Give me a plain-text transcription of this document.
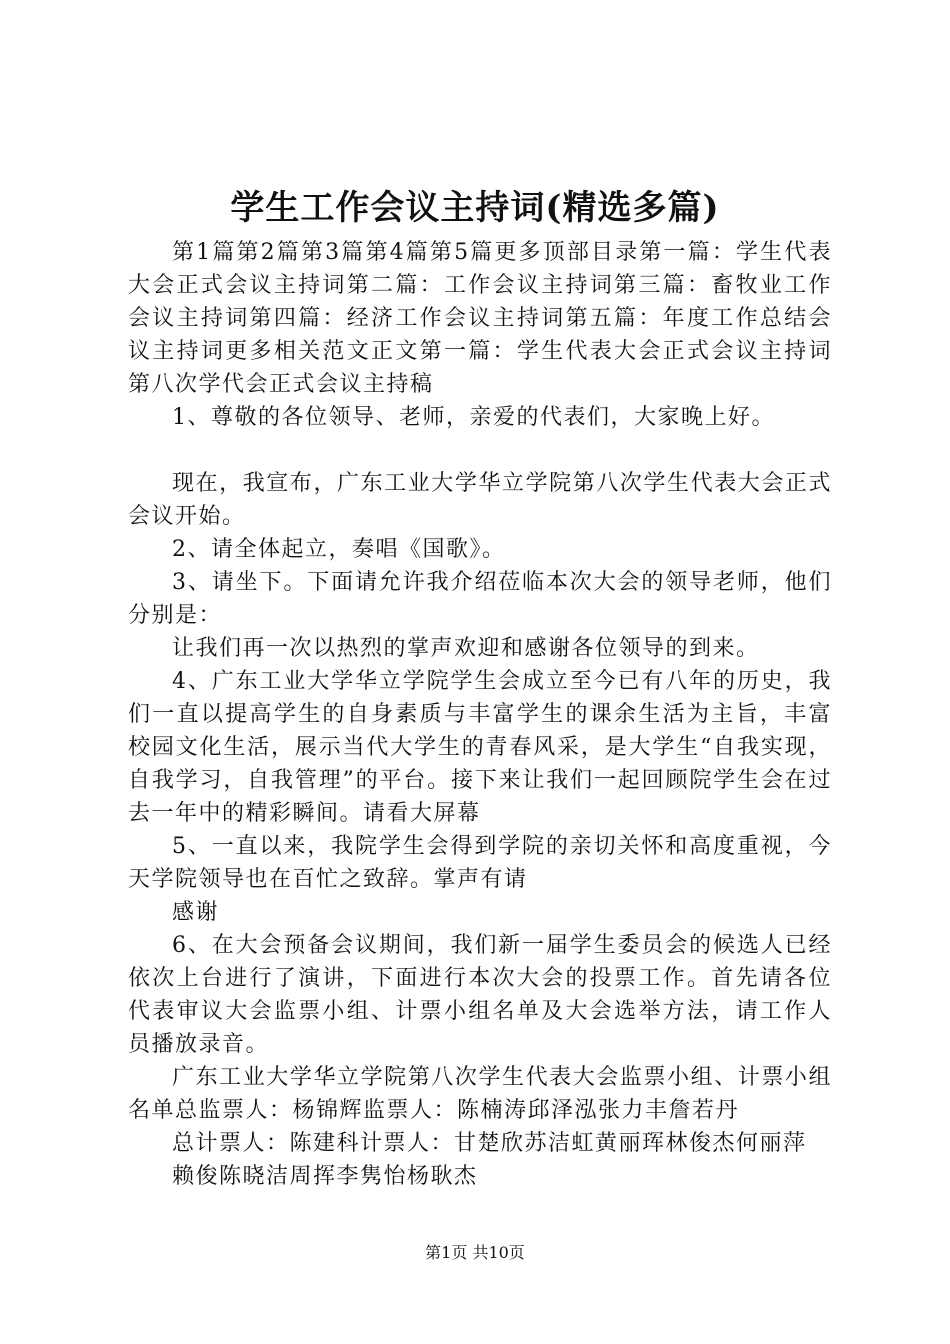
学生工作会议主持词(精选多篇)

第1篇第2篇第3篇第4篇第5篇更多顶部目录第一篇：学生代表大会正式会议主持词第二篇：工作会议主持词第三篇：畜牧业工作会议主持词第四篇：经济工作会议主持词第五篇：年度工作总结会议主持词更多相关范文正文第一篇：学生代表大会正式会议主持词第八次学代会正式会议主持稿

1、尊敬的各位领导、老师，亲爱的代表们，大家晚上好。

现在，我宣布，广东工业大学华立学院第八次学生代表大会正式会议开始。

2、请全体起立，奏唱《国歌》。

3、请坐下。下面请允许我介绍莅临本次大会的领导老师，他们分别是：

让我们再一次以热烈的掌声欢迎和感谢各位领导的到来。

4、广东工业大学华立学院学生会成立至今已有八年的历史，我们一直以提高学生的自身素质与丰富学生的课余生活为主旨，丰富校园文化生活，展示当代大学生的青春风采，是大学生“自我实现，自我学习，自我管理”的平台。接下来让我们一起回顾院学生会在过去一年中的精彩瞬间。请看大屏幕

5、一直以来，我院学生会得到学院的亲切关怀和高度重视，今天学院领导也在百忙之致辞。掌声有请

感谢

6、在大会预备会议期间，我们新一届学生委员会的候选人已经依次上台进行了演讲，下面进行本次大会的投票工作。首先请各位代表审议大会监票小组、计票小组名单及大会选举方法，请工作人员播放录音。

广东工业大学华立学院第八次学生代表大会监票小组、计票小组名单总监票人：杨锦辉监票人：陈楠涛邱泽泓张力丰詹若丹

总计票人：陈建科计票人：甘楚欣苏洁虹黄丽珲林俊杰何丽萍

赖俊陈晓洁周挥李隽怡杨耿杰

第1页 共10页
